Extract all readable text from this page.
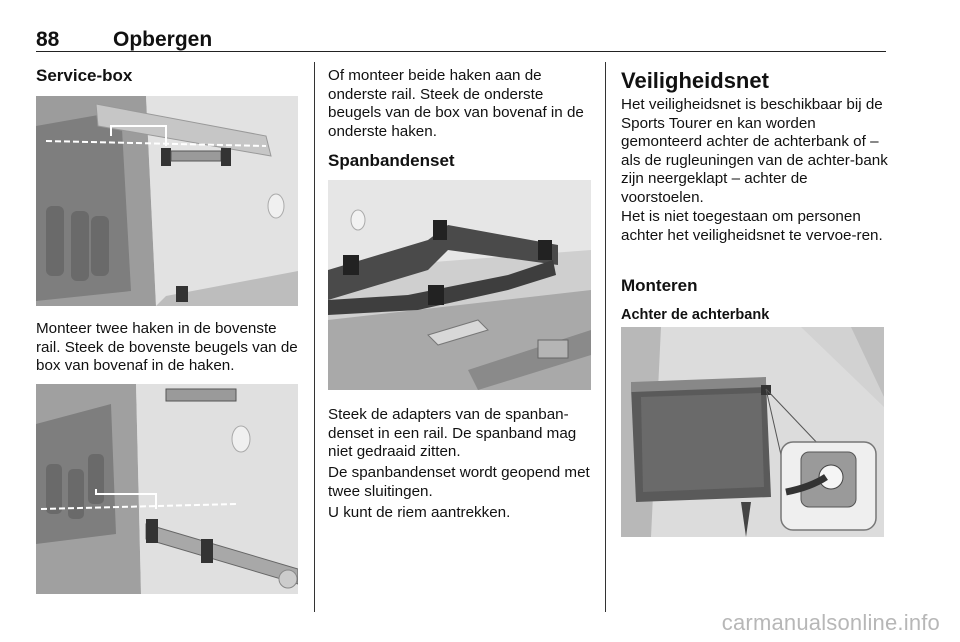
88	Opbergen
Service-box

Monteer twee haken in de bovenste rail. Steek de bovenste beugels van de box van bovenaf in de haken.

Of monteer beide haken aan de onderste rail. Steek de onderste beugels van de box van bovenaf in de onderste haken.

Spanbandenset

Steek de adapters van de spanban-denset in een rail. De spanband mag niet gedraaid zitten.

De spanbandenset wordt geopend met twee sluitingen.

U kunt de riem aantrekken.

Veiligheidsnet

Het veiligheidsnet is beschikbaar bij de Sports Tourer en kan worden gemonteerd achter de achterbank of – als de rugleuningen van de achter-bank zijn neergeklapt – achter de voorstoelen.

Het is niet toegestaan om personen achter het veiligheidsnet te vervoe-ren.

Monteren
Achter de achterbank
carmanualsonline.info
